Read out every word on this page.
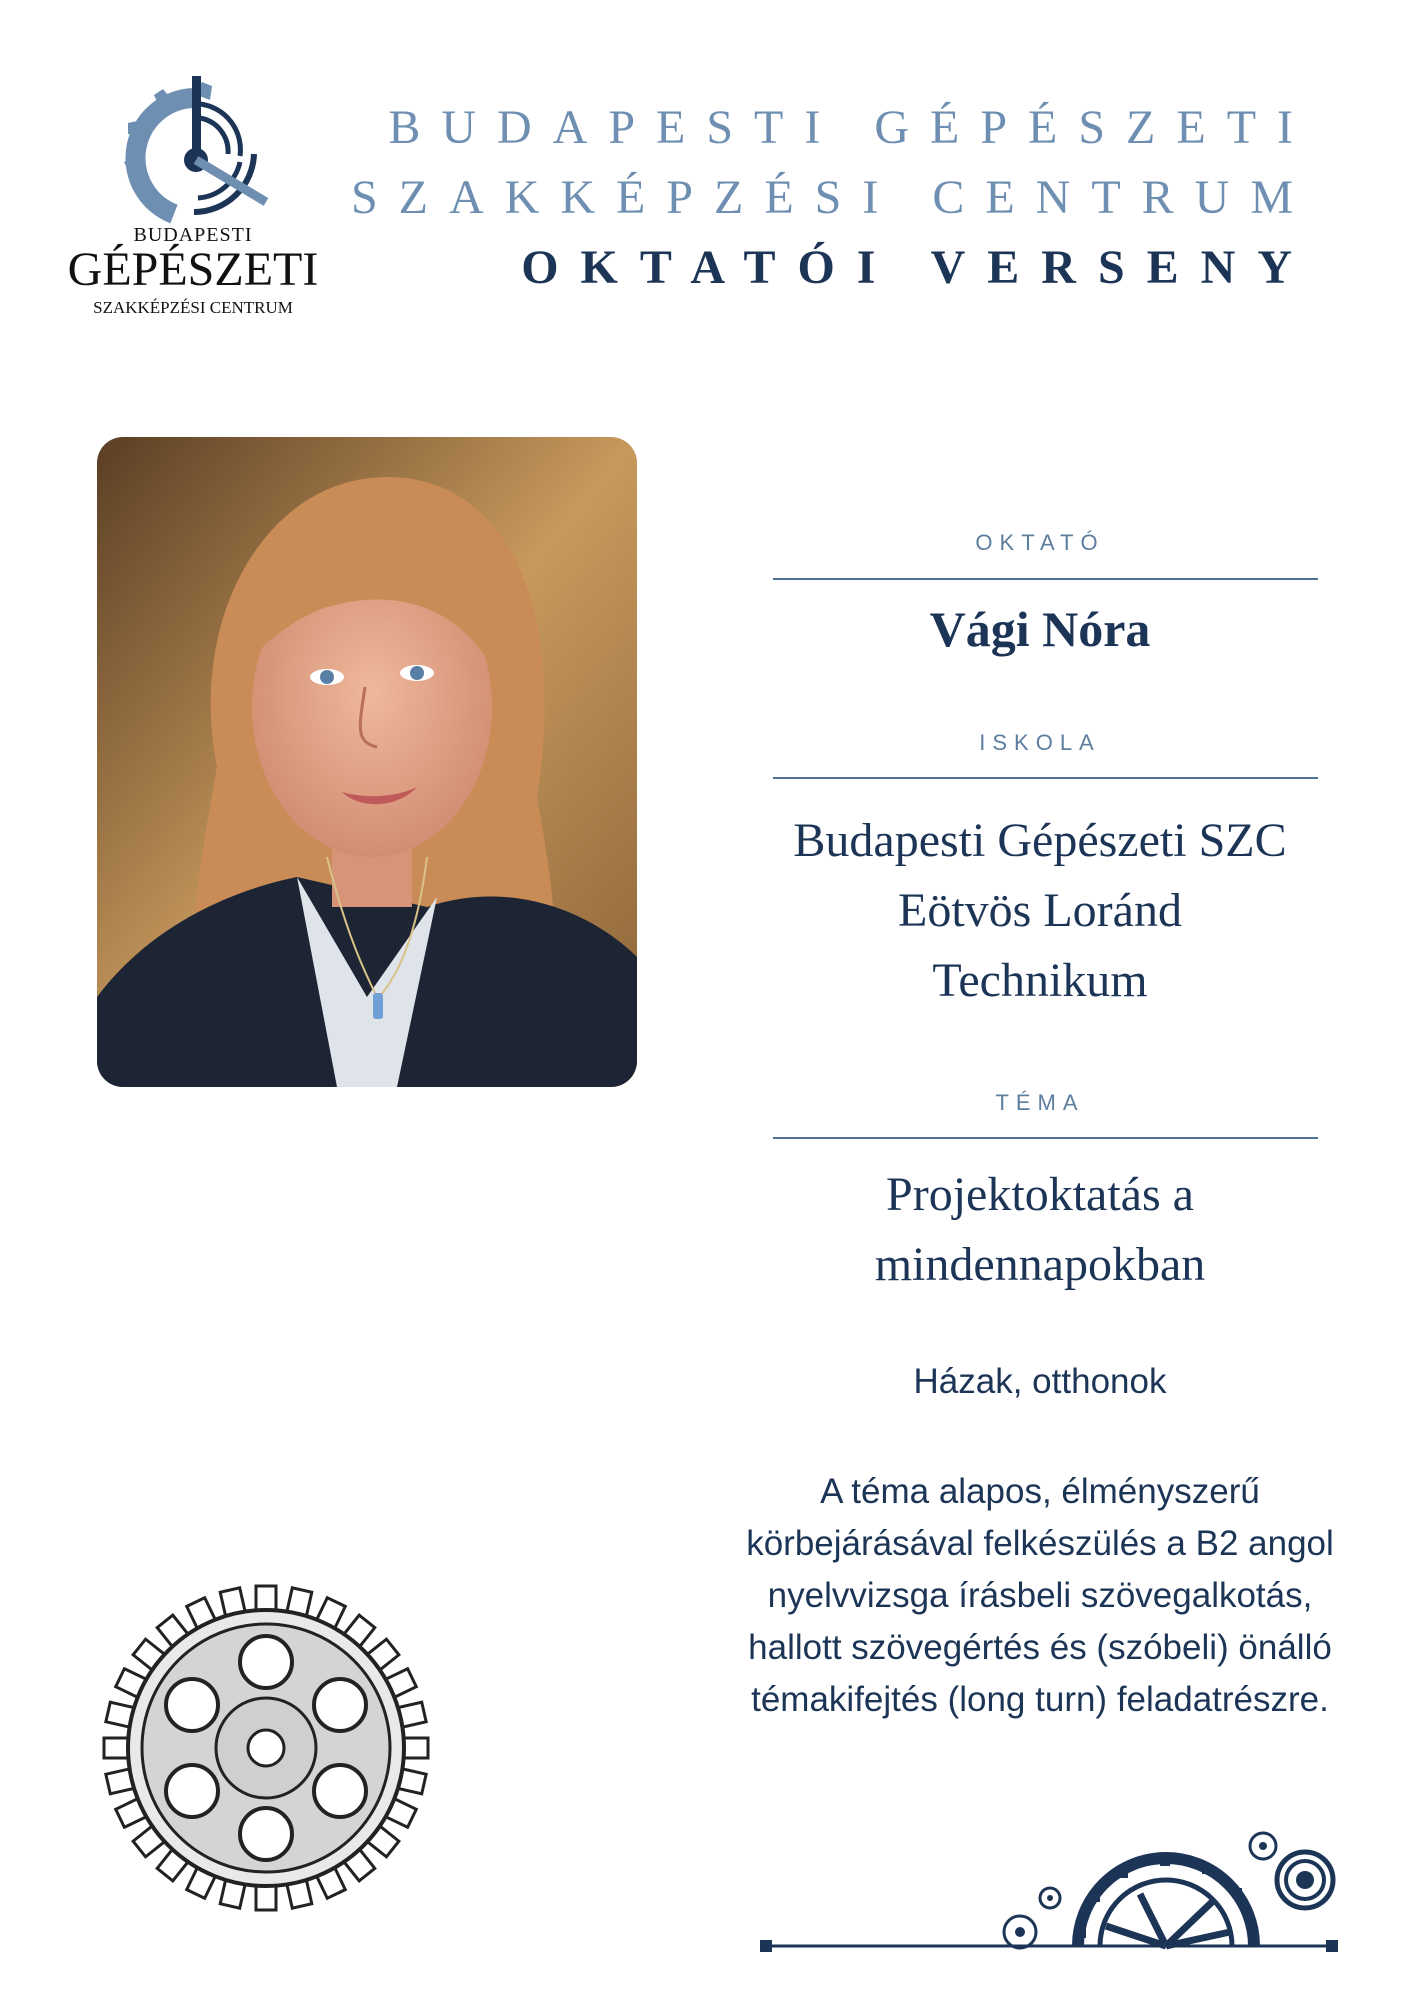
BUDAPESTI
GÉPÉSZETI
SZAKKÉPZÉSI CENTRUM
BUDAPESTI GÉPÉSZETI
SZAKKÉPZÉSI CENTRUM
OKTATÓI VERSENY
OKTATÓ
Vági Nóra
ISKOLA
Budapesti Gépészeti SZC
Eötvös Loránd
Technikum
TÉMA
Projektoktatás a
mindennapokban
Házak, otthonok
A téma alapos, élményszerű
körbejárásával felkészülés a B2 angol
nyelvvizsga írásbeli szövegalkotás,
hallott szövegértés és (szóbeli) önálló
témakifejtés (long turn) feladatrészre.
